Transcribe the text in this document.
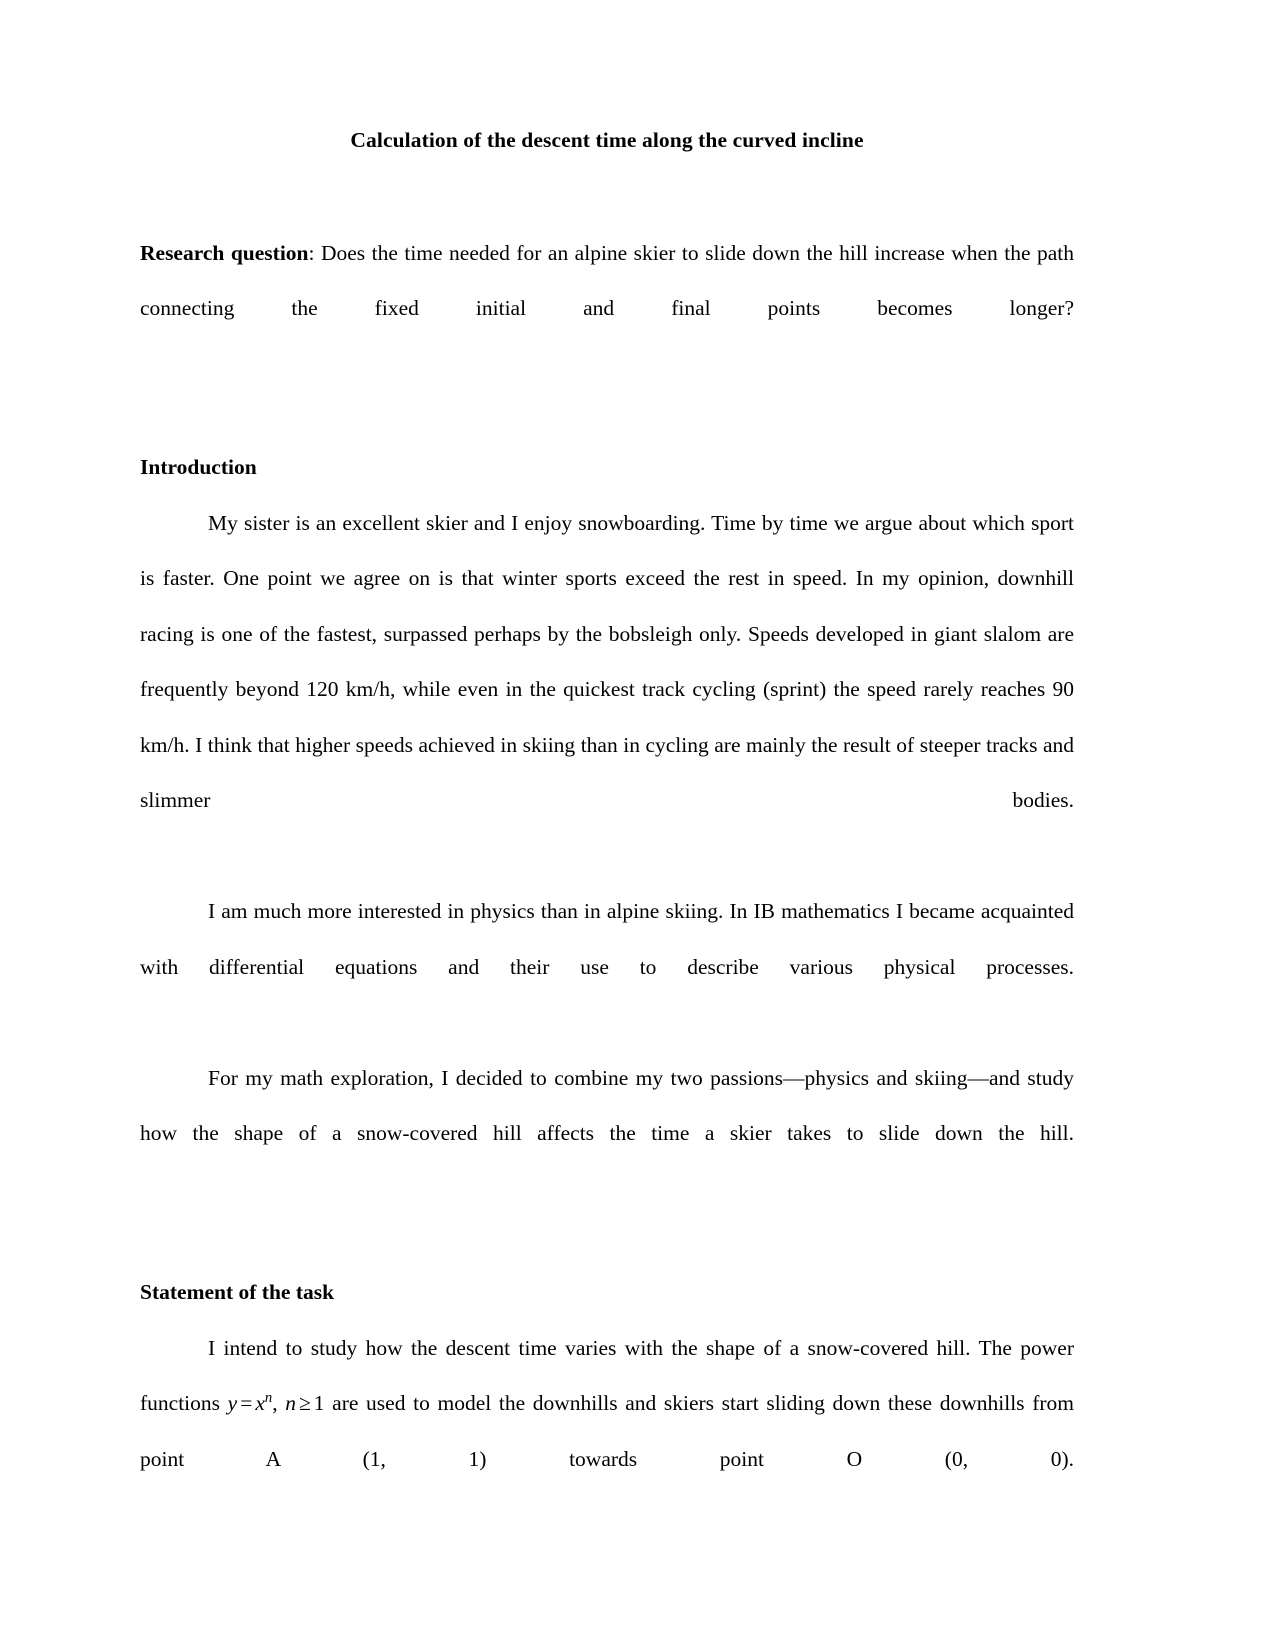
Calculation of the descent time along the curved incline

Research question: Does the time needed for an alpine skier to slide down the hill increase when the path connecting the fixed initial and final points becomes longer?

Introduction

My sister is an excellent skier and I enjoy snowboarding. Time by time we argue about which sport is faster. One point we agree on is that winter sports exceed the rest in speed. In my opinion, downhill racing is one of the fastest, surpassed perhaps by the bobsleigh only. Speeds developed in giant slalom are frequently beyond 120 km/h, while even in the quickest track cycling (sprint) the speed rarely reaches 90 km/h. I think that higher speeds achieved in skiing than in cycling are mainly the result of steeper tracks and slimmer bodies.

I am much more interested in physics than in alpine skiing. In IB mathematics I became acquainted with differential equations and their use to describe various physical processes.

For my math exploration, I decided to combine my two passions—physics and skiing—and study how the shape of a snow-covered hill affects the time a skier takes to slide down the hill.

Statement of the task

I intend to study how the descent time varies with the shape of a snow-covered hill. The power functions $y = x^n$, n ≥ 1 are used to model the downhills and skiers start sliding down these downhills from point A (1, 1) towards point O (0, 0).
